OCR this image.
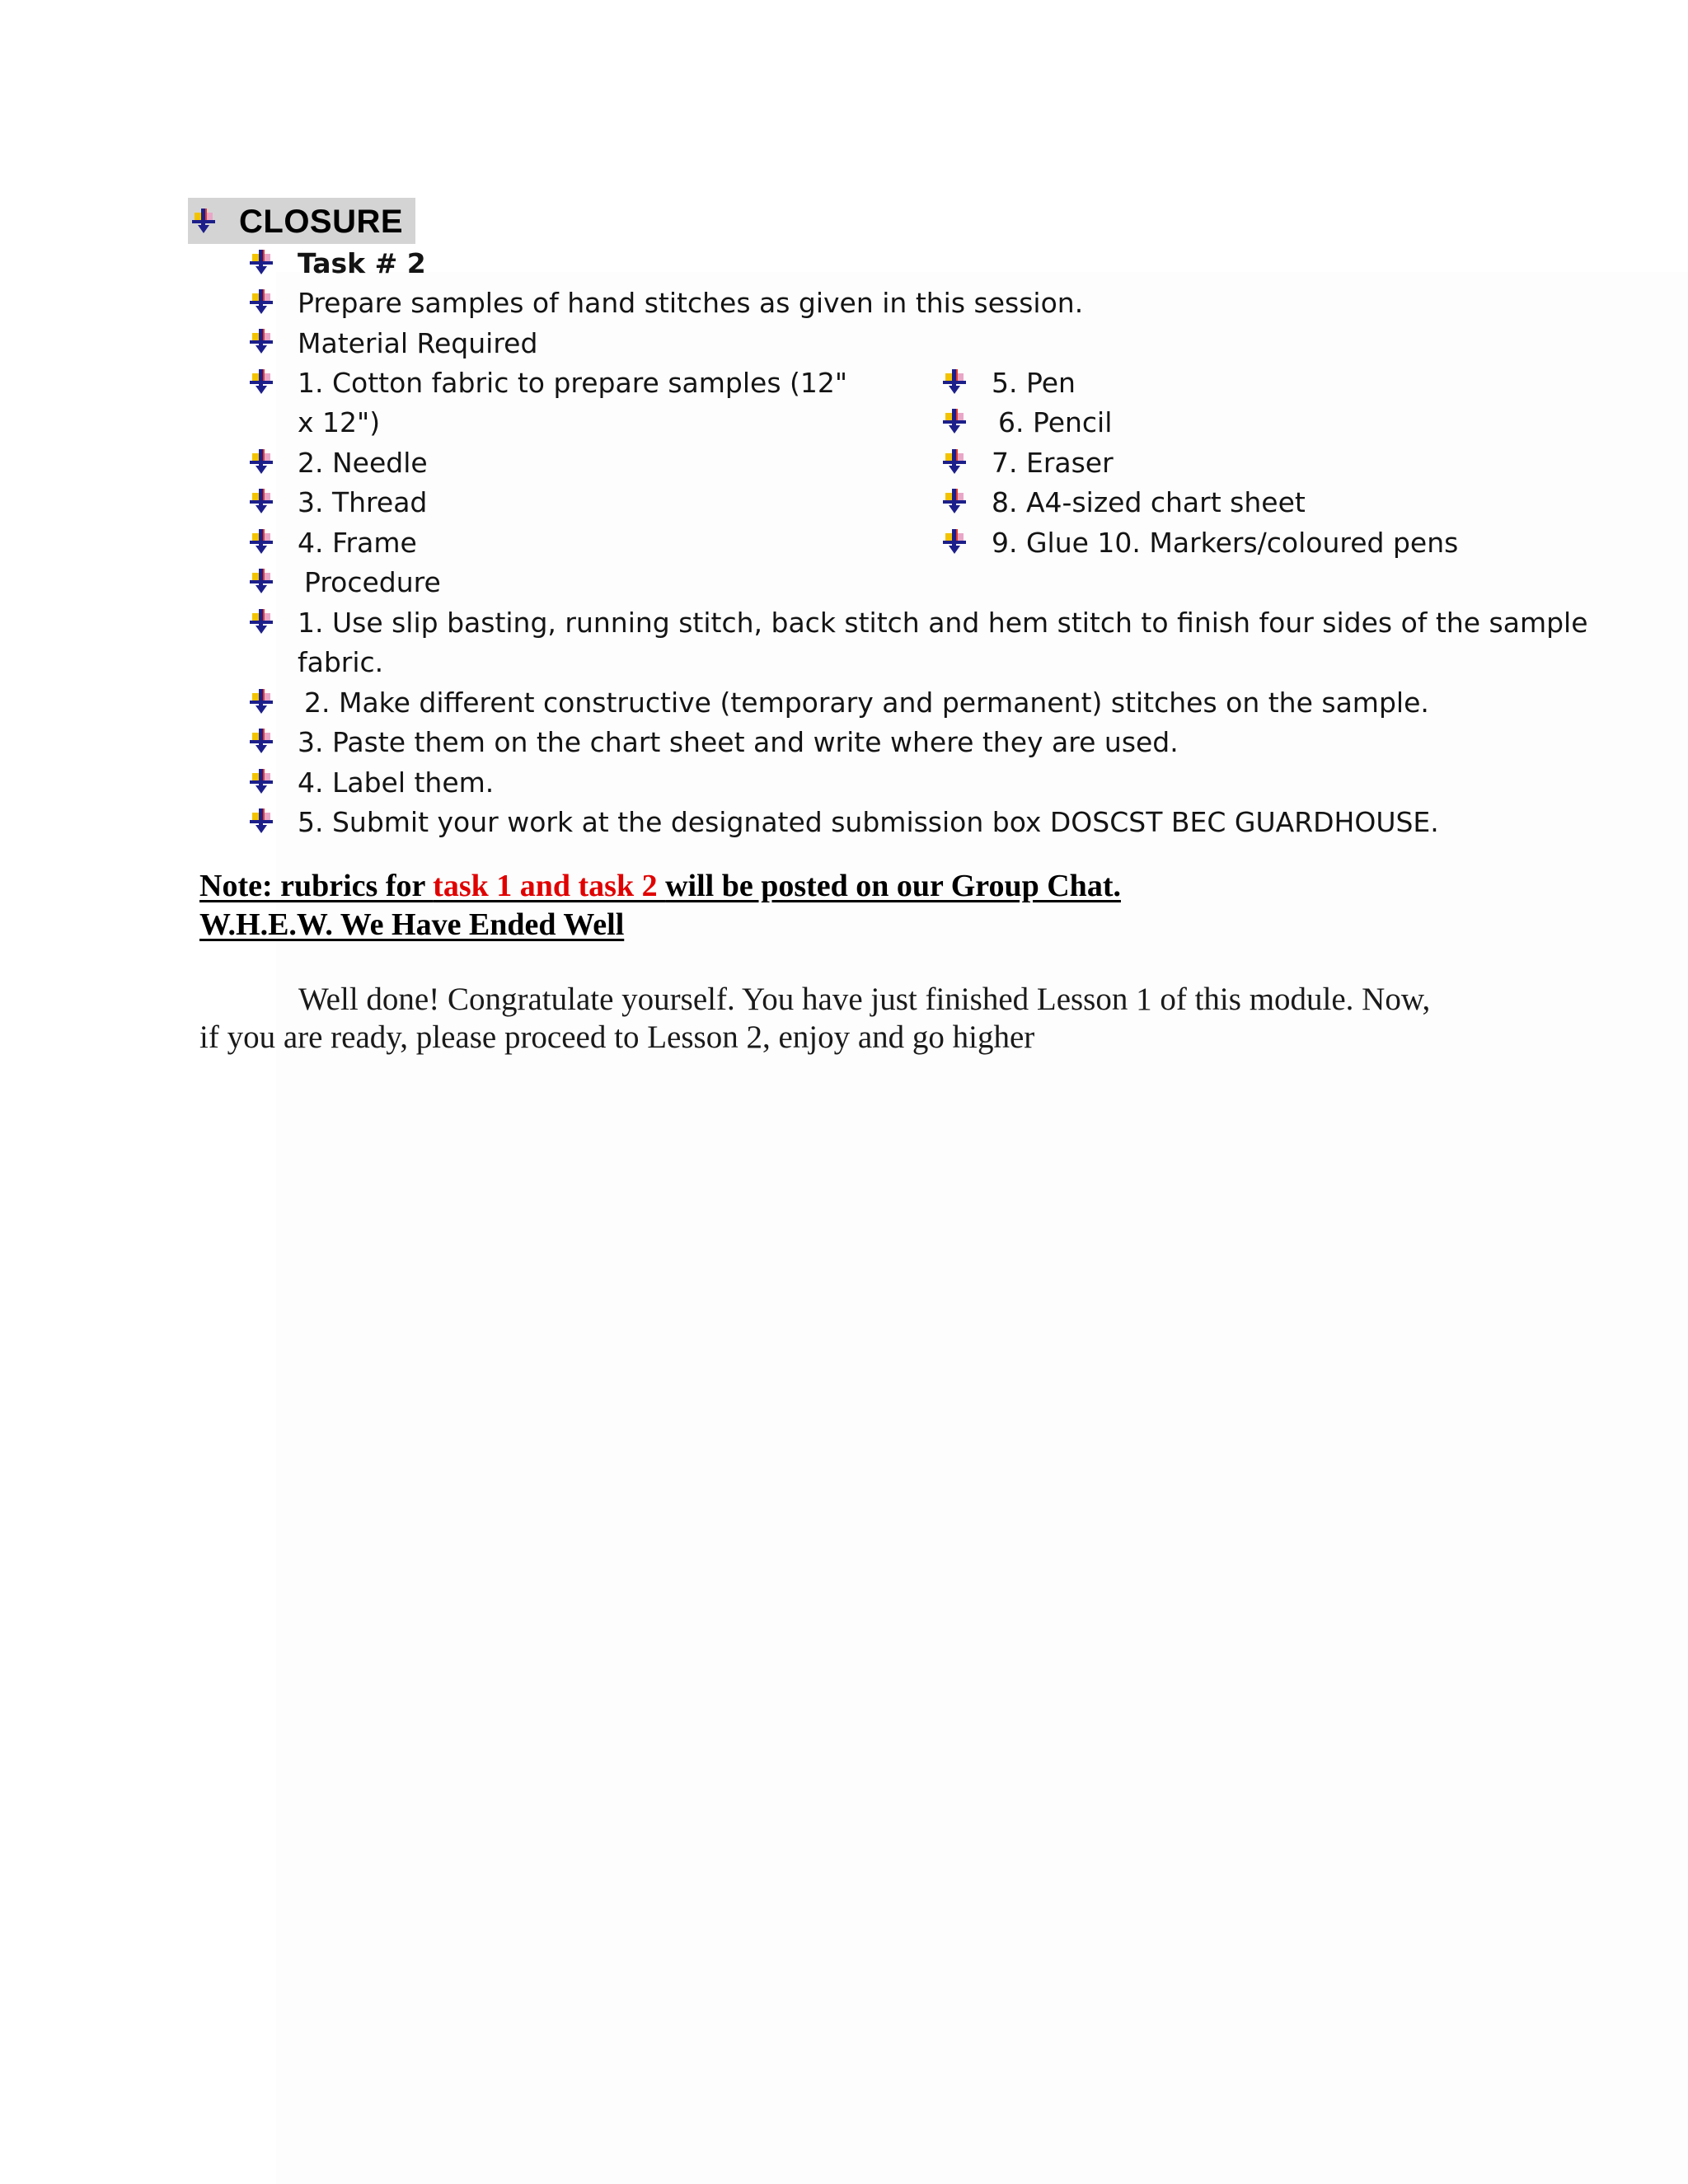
CLOSURE
Task # 2
Prepare samples of hand stitches as given in this session.
Material Required
1. Cotton fabric to prepare samples (12"
x 12")
2. Needle
3. Thread
4. Frame
5. Pen
6. Pencil
7. Eraser
8. A4-sized chart sheet
9. Glue 10. Markers/coloured pens
Procedure
1. Use slip basting, running stitch, back stitch and hem stitch to finish four sides of the sample
fabric.
2. Make different constructive (temporary and permanent) stitches on the sample.
3. Paste them on the chart sheet and write where they are used.
4. Label them.
5. Submit your work at the designated submission box DOSCST BEC GUARDHOUSE.
Note: rubrics for task 1 and task 2 will be posted on our Group Chat.
W.H.E.W. We Have Ended Well
Well done! Congratulate yourself. You have just finished Lesson 1 of this module. Now,
if you are ready, please proceed to Lesson 2, enjoy and go higher
